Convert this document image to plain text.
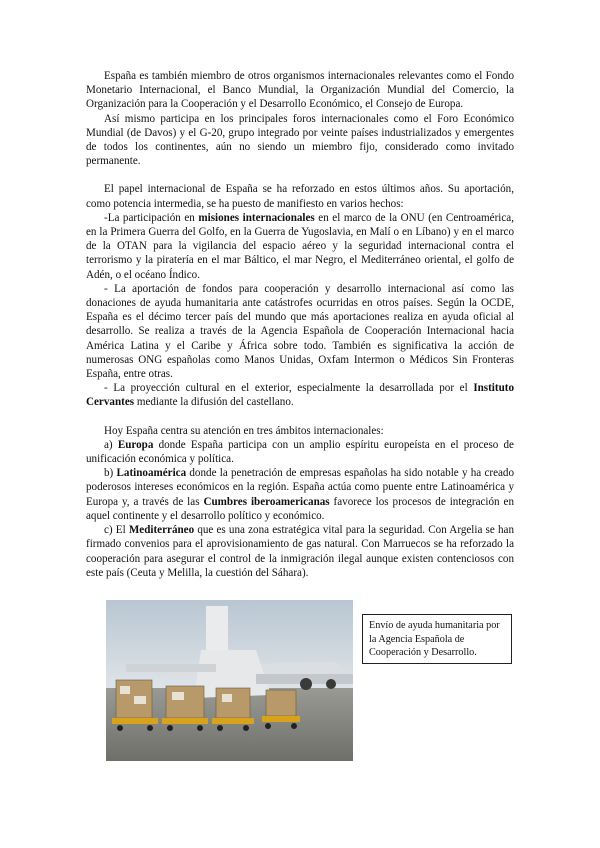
España es también miembro de otros organismos internacionales relevantes como el Fondo Monetario Internacional, el Banco Mundial, la Organización Mundial del Comercio, la Organización para la Cooperación y el Desarrollo Económico, el Consejo de Europa.

Así mismo participa en los principales foros internacionales como el Foro Económico Mundial (de Davos) y el G-20, grupo integrado por veinte países industrializados y emergentes de todos los continentes, aún no siendo un miembro fijo, considerado como invitado permanente.

El papel internacional de España se ha reforzado en estos últimos años. Su aportación, como potencia intermedia, se ha puesto de manifiesto en varios hechos:

-La participación en misiones internacionales en el marco de la ONU (en Centroamérica, en la Primera Guerra del Golfo, en la Guerra de Yugoslavia, en Malí o en Líbano) y en el marco de la OTAN para la vigilancia del espacio aéreo y la seguridad internacional contra el terrorismo y la piratería en el mar Báltico, el mar Negro, el Mediterráneo oriental, el golfo de Adén, o el océano Índico.

- La aportación de fondos para cooperación y desarrollo internacional así como las donaciones de ayuda humanitaria ante catástrofes ocurridas en otros países. Según la OCDE, España es el décimo tercer país del mundo que más aportaciones realiza en ayuda oficial al desarrollo. Se realiza a través de la Agencia Española de Cooperación Internacional hacia América Latina y el Caribe y África sobre todo. También es significativa la acción de numerosas ONG españolas como Manos Unidas, Oxfam Intermon o Médicos Sin Fronteras España, entre otras.

- La proyección cultural en el exterior, especialmente la desarrollada por el Instituto Cervantes mediante la difusión del castellano.

Hoy España centra su atención en tres ámbitos internacionales:

a) Europa donde España participa con un amplio espíritu europeísta en el proceso de unificación económica y política.

b) Latinoamérica donde la penetración de empresas españolas ha sido notable y ha creado poderosos intereses económicos en la región. España actúa como puente entre Latinoamérica y Europa y, a través de las Cumbres iberoamericanas favorece los procesos de integración en aquel continente y el desarrollo político y económico.

c) El Mediterráneo que es una zona estratégica vital para la seguridad. Con Argelia se han firmado convenios para el aprovisionamiento de gas natural. Con Marruecos se ha reforzado la cooperación para asegurar el control de la inmigración ilegal aunque existen contenciosos con este país (Ceuta y Melilla, la cuestión del Sáhara).

Envío de ayuda humanitaria por la Agencia Española de Cooperación y Desarrollo.
